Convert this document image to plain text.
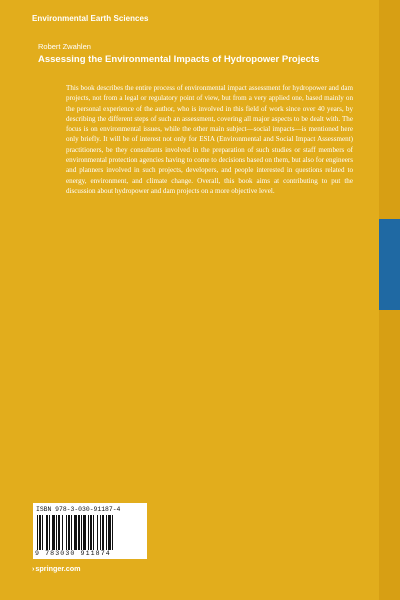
Environmental Earth Sciences
Robert Zwahlen
Assessing the Environmental Impacts of Hydropower Projects

This book describes the entire process of environmental impact assessment for hydropower and dam projects, not from a legal or regulatory point of view, but from a very applied one, based mainly on the personal experience of the author, who is involved in this field of work since over 40 years, by describing the different steps of such an assessment, covering all major aspects to be dealt with. The focus is on environmental issues, while the other main subject—social impacts—is mentioned here only briefly. It will be of interest not only for ESIA (Environmental and Social Impact Assessment) practitioners, be they consultants involved in the preparation of such studies or staff members of environmental protection agencies having to come to decisions based on them, but also for engineers and planners involved in such projects, developers, and people interested in questions related to energy, environment, and climate change. Overall, this book aims at contributing to put the discussion about hydropower and dam projects on a more objective level.

ISBN 978-3-030-91187-4
9 783030 911874
›springer.com
